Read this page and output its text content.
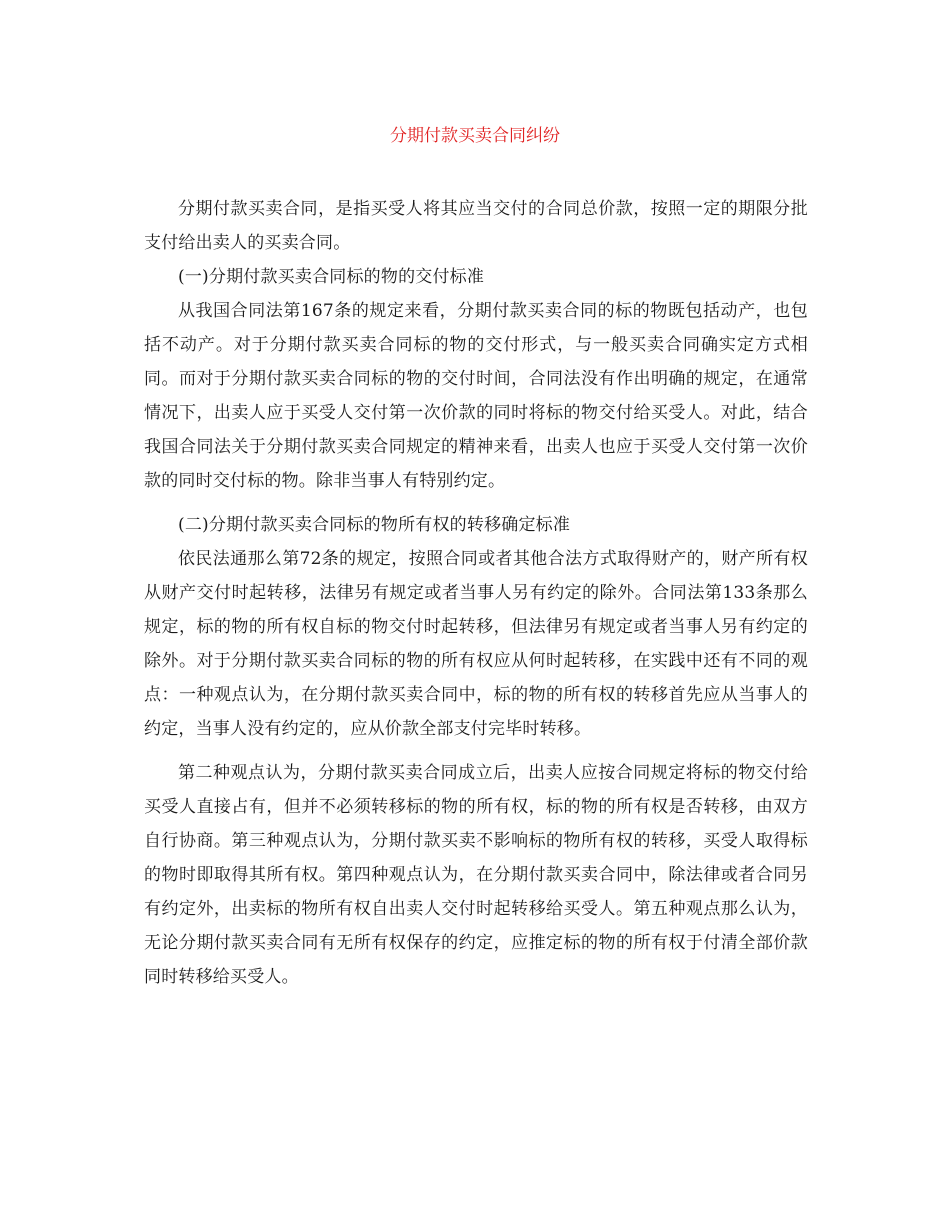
分期付款买卖合同纠纷

分期付款买卖合同，是指买受人将其应当交付的合同总价款，按照一定的期限分批支付给出卖人的买卖合同。

(一)分期付款买卖合同标的物的交付标准

从我国合同法第167条的规定来看，分期付款买卖合同的标的物既包括动产，也包括不动产。对于分期付款买卖合同标的物的交付形式，与一般买卖合同确实定方式相同。而对于分期付款买卖合同标的物的交付时间，合同法没有作出明确的规定，在通常情况下，出卖人应于买受人交付第一次价款的同时将标的物交付给买受人。对此，结合我国合同法关于分期付款买卖合同规定的精神来看，出卖人也应于买受人交付第一次价款的同时交付标的物。除非当事人有特别约定。

(二)分期付款买卖合同标的物所有权的转移确定标准

依民法通那么第72条的规定，按照合同或者其他合法方式取得财产的，财产所有权从财产交付时起转移，法律另有规定或者当事人另有约定的除外。合同法第133条那么规定，标的物的所有权自标的物交付时起转移，但法律另有规定或者当事人另有约定的除外。对于分期付款买卖合同标的物的所有权应从何时起转移，在实践中还有不同的观点：一种观点认为，在分期付款买卖合同中，标的物的所有权的转移首先应从当事人的约定，当事人没有约定的，应从价款全部支付完毕时转移。

第二种观点认为，分期付款买卖合同成立后，出卖人应按合同规定将标的物交付给买受人直接占有，但并不必须转移标的物的所有权，标的物的所有权是否转移，由双方自行协商。第三种观点认为，分期付款买卖不影响标的物所有权的转移，买受人取得标的物时即取得其所有权。第四种观点认为，在分期付款买卖合同中，除法律或者合同另有约定外，出卖标的物所有权自出卖人交付时起转移给买受人。第五种观点那么认为，无论分期付款买卖合同有无所有权保存的约定，应推定标的物的所有权于付清全部价款同时转移给买受人。
